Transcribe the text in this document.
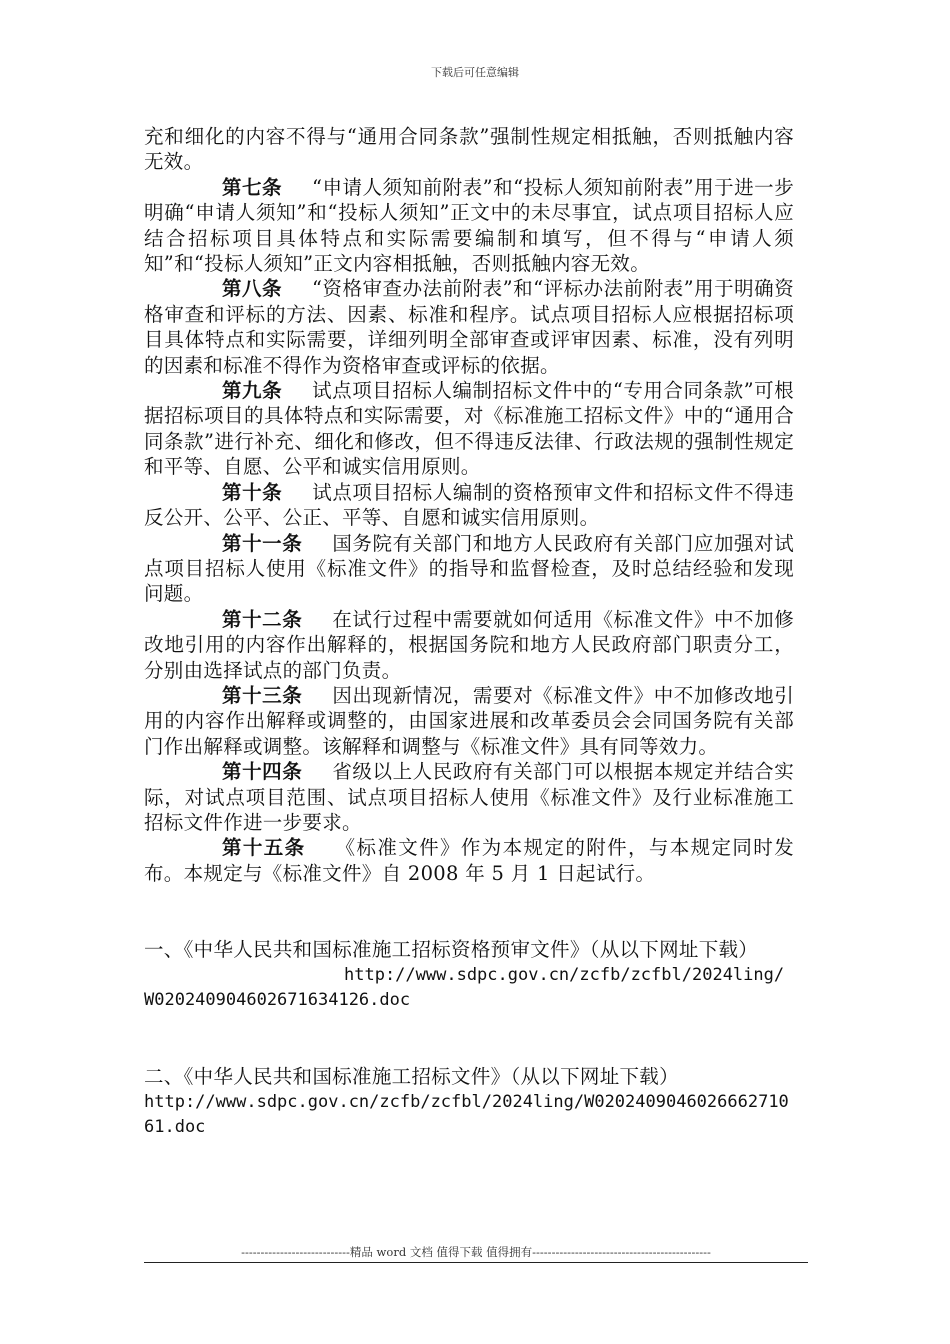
下载后可任意编辑

充和细化的内容不得与“通用合同条款”强制性规定相抵触，否则抵触内容无效。

第七条 “申请人须知前附表”和“投标人须知前附表”用于进一步明确“申请人须知”和“投标人须知”正文中的未尽事宜，试点项目招标人应结合招标项目具体特点和实际需要编制和填写，但不得与“申请人须知”和“投标人须知”正文内容相抵触，否则抵触内容无效。

第八条 “资格审查办法前附表”和“评标办法前附表”用于明确资格审查和评标的方法、因素、标准和程序。试点项目招标人应根据招标项目具体特点和实际需要，详细列明全部审查或评审因素、标准，没有列明的因素和标准不得作为资格审查或评标的依据。

第九条 试点项目招标人编制招标文件中的“专用合同条款”可根据招标项目的具体特点和实际需要，对《标准施工招标文件》中的“通用合同条款”进行补充、细化和修改，但不得违反法律、行政法规的强制性规定和平等、自愿、公平和诚实信用原则。

第十条 试点项目招标人编制的资格预审文件和招标文件不得违反公开、公平、公正、平等、自愿和诚实信用原则。

第十一条 国务院有关部门和地方人民政府有关部门应加强对试点项目招标人使用《标准文件》的指导和监督检查，及时总结经验和发现问题。

第十二条 在试行过程中需要就如何适用《标准文件》中不加修改地引用的内容作出解释的，根据国务院和地方人民政府部门职责分工，分别由选择试点的部门负责。

第十三条 因出现新情况，需要对《标准文件》中不加修改地引用的内容作出解释或调整的，由国家进展和改革委员会会同国务院有关部门作出解释或调整。该解释和调整与《标准文件》具有同等效力。

第十四条 省级以上人民政府有关部门可以根据本规定并结合实际，对试点项目范围、试点项目招标人使用《标准文件》及行业标准施工招标文件作进一步要求。

第十五条 《标准文件》作为本规定的附件，与本规定同时发布。本规定与《标准文件》自 2008 年 5 月 1 日起试行。

一、《中华人民共和国标准施工招标资格预审文件》（从以下网址下载）

http://www.sdpc.gov.cn/zcfb/zcfbl/2024ling/W020240904602671634126.doc

二、《中华人民共和国标准施工招标文件》（从以下网址下载）

http://www.sdpc.gov.cn/zcfb/zcfbl/2024ling/W020240904602666271061.doc

----------------------------精品 word 文档 值得下载 值得拥有----------------------------------------------
